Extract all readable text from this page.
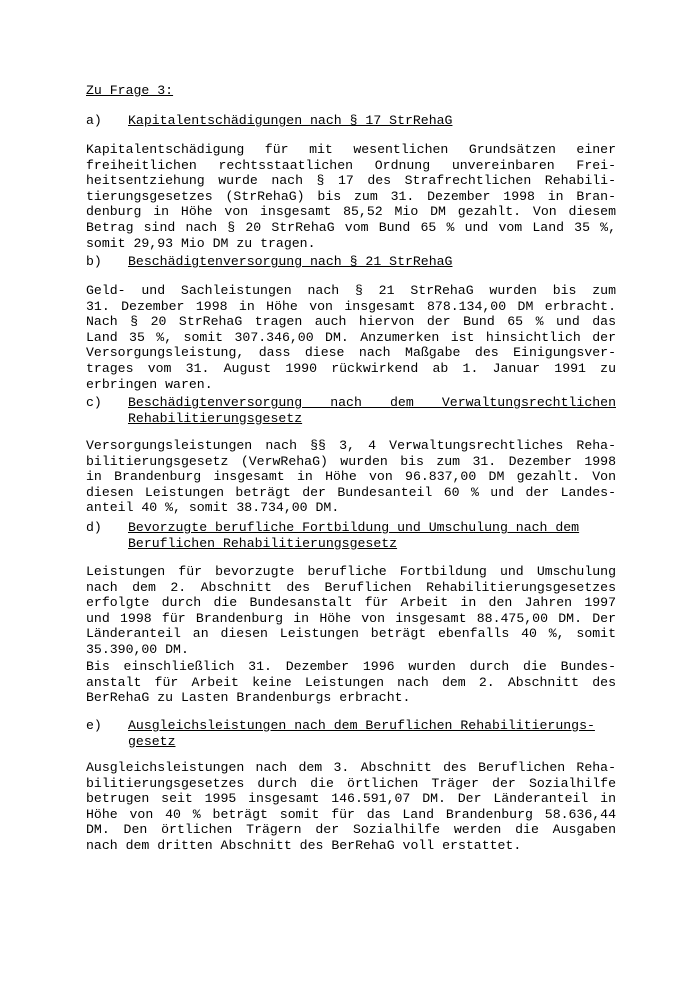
Zu Frage 3:
a) Kapitalentschädigungen nach § 17 StrRehaG
Kapitalentschädigung für mit wesentlichen Grundsätzen einer
freiheitlichen rechtsstaatlichen Ordnung unvereinbaren Frei-
heitsentziehung wurde nach § 17 des Strafrechtlichen Rehabili-
tierungsgesetzes (StrRehaG) bis zum 31. Dezember 1998 in Bran-
denburg in Höhe von insgesamt 85,52 Mio DM gezahlt. Von diesem
Betrag sind nach § 20 StrRehaG vom Bund 65 % und vom Land 35 %,
somit 29,93 Mio DM zu tragen.
b) Beschädigtenversorgung nach § 21 StrRehaG
Geld- und Sachleistungen nach § 21 StrRehaG wurden bis zum
31. Dezember 1998 in Höhe von insgesamt 878.134,00 DM erbracht.
Nach § 20 StrRehaG tragen auch hiervon der Bund 65 % und das
Land 35 %, somit 307.346,00 DM. Anzumerken ist hinsichtlich der
Versorgungsleistung, dass diese nach Maßgabe des Einigungsver-
trages vom 31. August 1990 rückwirkend ab 1. Januar 1991 zu
erbringen waren.
c) Beschädigtenversorgung nach dem Verwaltungsrechtlichen
Rehabilitierungsgesetz
Versorgungsleistungen nach §§ 3, 4 Verwaltungsrechtliches Reha-
bilitierungsgesetz (VerwRehaG) wurden bis zum 31. Dezember 1998
in Brandenburg insgesamt in Höhe von 96.837,00 DM gezahlt. Von
diesen Leistungen beträgt der Bundesanteil 60 % und der Landes-
anteil 40 %, somit 38.734,00 DM.
d) Bevorzugte berufliche Fortbildung und Umschulung nach dem
Beruflichen Rehabilitierungsgesetz
Leistungen für bevorzugte berufliche Fortbildung und Umschulung
nach dem 2. Abschnitt des Beruflichen Rehabilitierungsgesetzes
erfolgte durch die Bundesanstalt für Arbeit in den Jahren 1997
und 1998 für Brandenburg in Höhe von insgesamt 88.475,00 DM. Der
Länderanteil an diesen Leistungen beträgt ebenfalls 40 %, somit
35.390,00 DM.
Bis einschließlich 31. Dezember 1996 wurden durch die Bundes-
anstalt für Arbeit keine Leistungen nach dem 2. Abschnitt des
BerRehaG zu Lasten Brandenburgs erbracht.
e) Ausgleichsleistungen nach dem Beruflichen Rehabilitierungs-
gesetz
Ausgleichsleistungen nach dem 3. Abschnitt des Beruflichen Reha-
bilitierungsgesetzes durch die örtlichen Träger der Sozialhilfe
betrugen seit 1995 insgesamt 146.591,07 DM. Der Länderanteil in
Höhe von 40 % beträgt somit für das Land Brandenburg 58.636,44
DM. Den örtlichen Trägern der Sozialhilfe werden die Ausgaben
nach dem dritten Abschnitt des BerRehaG voll erstattet.
